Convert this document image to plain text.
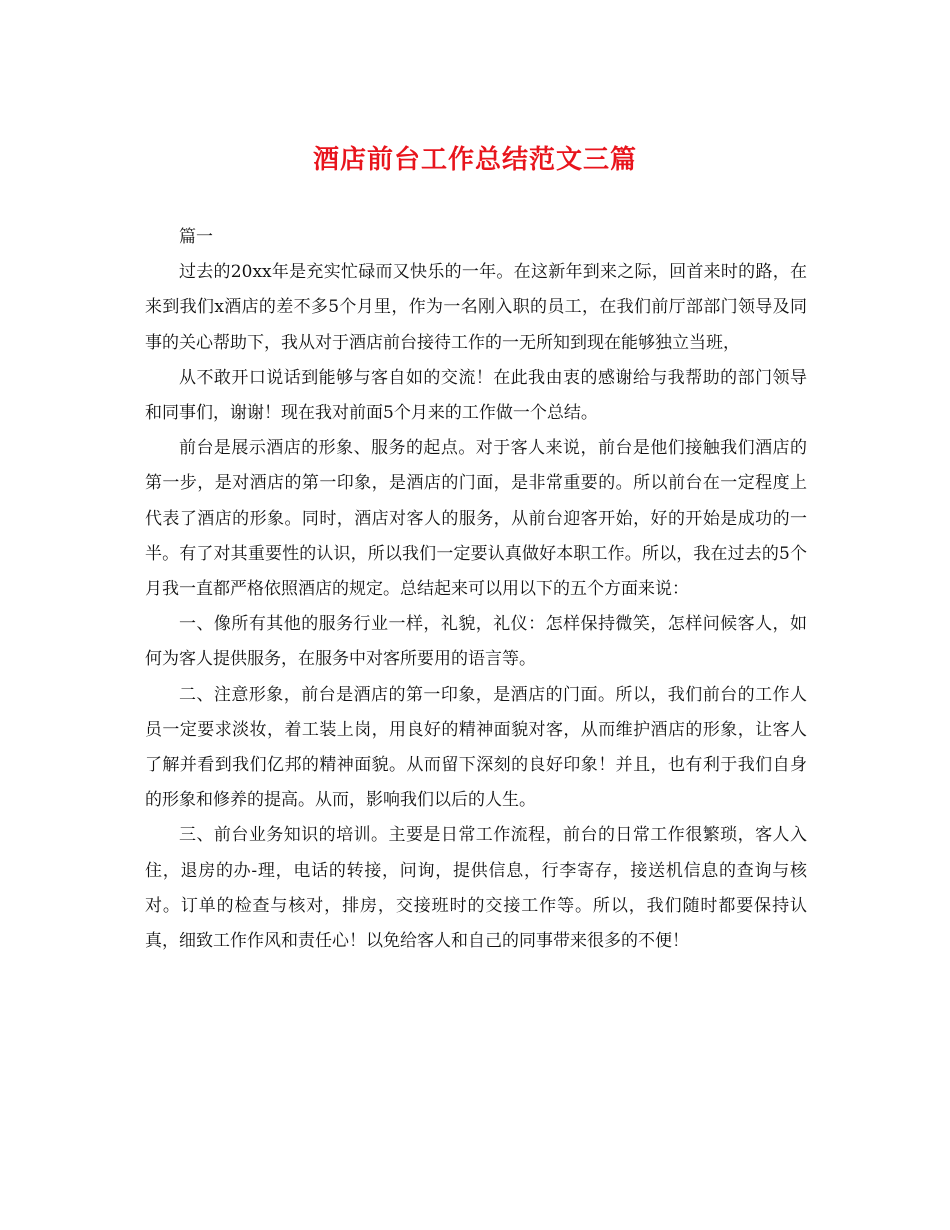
酒店前台工作总结范文三篇

篇一

过去的20xx年是充实忙碌而又快乐的一年。在这新年到来之际，回首来时的路，在来到我们x酒店的差不多5个月里，作为一名刚入职的员工，在我们前厅部部门领导及同事的关心帮助下，我从对于酒店前台接待工作的一无所知到现在能够独立当班，

从不敢开口说话到能够与客自如的交流！在此我由衷的感谢给与我帮助的部门领导和同事们，谢谢！现在我对前面5个月来的工作做一个总结。

前台是展示酒店的形象、服务的起点。对于客人来说，前台是他们接触我们酒店的第一步，是对酒店的第一印象，是酒店的门面，是非常重要的。所以前台在一定程度上代表了酒店的形象。同时，酒店对客人的服务，从前台迎客开始，好的开始是成功的一半。有了对其重要性的认识，所以我们一定要认真做好本职工作。所以，我在过去的5个月我一直都严格依照酒店的规定。总结起来可以用以下的五个方面来说：

一、像所有其他的服务行业一样，礼貌，礼仪：怎样保持微笑，怎样问候客人，如何为客人提供服务，在服务中对客所要用的语言等。

二、注意形象，前台是酒店的第一印象，是酒店的门面。所以，我们前台的工作人员一定要求淡妆，着工装上岗，用良好的精神面貌对客，从而维护酒店的形象，让客人了解并看到我们亿邦的精神面貌。从而留下深刻的良好印象！并且，也有利于我们自身的形象和修养的提高。从而，影响我们以后的人生。

三、前台业务知识的培训。主要是日常工作流程，前台的日常工作很繁琐，客人入住，退房的办-理，电话的转接，问询，提供信息，行李寄存，接送机信息的查询与核对。订单的检查与核对，排房，交接班时的交接工作等。所以，我们随时都要保持认真，细致工作作风和责任心！以免给客人和自己的同事带来很多的不便！
